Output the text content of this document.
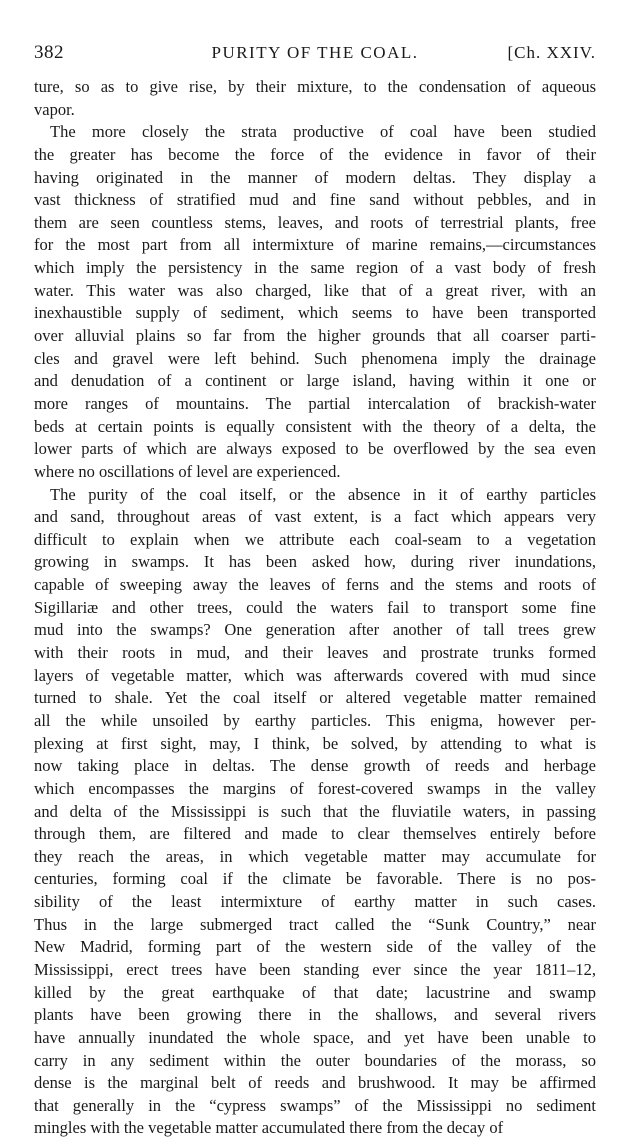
382	PURITY OF THE COAL.	[Ch. XXIV.
ture, so as to give rise, by their mixture, to the condensation of aqueous
vapor.
The more closely the strata productive of coal have been studied
the greater has become the force of the evidence in favor of their
having originated in the manner of modern deltas. They display a
vast thickness of stratified mud and fine sand without pebbles, and in
them are seen countless stems, leaves, and roots of terrestrial plants, free
for the most part from all intermixture of marine remains,—circumstances
which imply the persistency in the same region of a vast body of fresh
water. This water was also charged, like that of a great river, with an
inexhaustible supply of sediment, which seems to have been transported
over alluvial plains so far from the higher grounds that all coarser parti-
cles and gravel were left behind. Such phenomena imply the drainage
and denudation of a continent or large island, having within it one or
more ranges of mountains. The partial intercalation of brackish-water
beds at certain points is equally consistent with the theory of a delta, the
lower parts of which are always exposed to be overflowed by the sea even
where no oscillations of level are experienced.
The purity of the coal itself, or the absence in it of earthy particles
and sand, throughout areas of vast extent, is a fact which appears very
difficult to explain when we attribute each coal-seam to a vegetation
growing in swamps. It has been asked how, during river inundations,
capable of sweeping away the leaves of ferns and the stems and roots of
Sigillariæ and other trees, could the waters fail to transport some fine
mud into the swamps? One generation after another of tall trees grew
with their roots in mud, and their leaves and prostrate trunks formed
layers of vegetable matter, which was afterwards covered with mud since
turned to shale. Yet the coal itself or altered vegetable matter remained
all the while unsoiled by earthy particles. This enigma, however per-
plexing at first sight, may, I think, be solved, by attending to what is
now taking place in deltas. The dense growth of reeds and herbage
which encompasses the margins of forest-covered swamps in the valley
and delta of the Mississippi is such that the fluviatile waters, in passing
through them, are filtered and made to clear themselves entirely before
they reach the areas, in which vegetable matter may accumulate for
centuries, forming coal if the climate be favorable. There is no pos-
sibility of the least intermixture of earthy matter in such cases.
Thus in the large submerged tract called the “Sunk Country,” near
New Madrid, forming part of the western side of the valley of the
Mississippi, erect trees have been standing ever since the year 1811–12,
killed by the great earthquake of that date; lacustrine and swamp
plants have been growing there in the shallows, and several rivers
have annually inundated the whole space, and yet have been unable to
carry in any sediment within the outer boundaries of the morass, so
dense is the marginal belt of reeds and brushwood. It may be affirmed
that generally in the “cypress swamps” of the Mississippi no sediment
mingles with the vegetable matter accumulated there from the decay of
